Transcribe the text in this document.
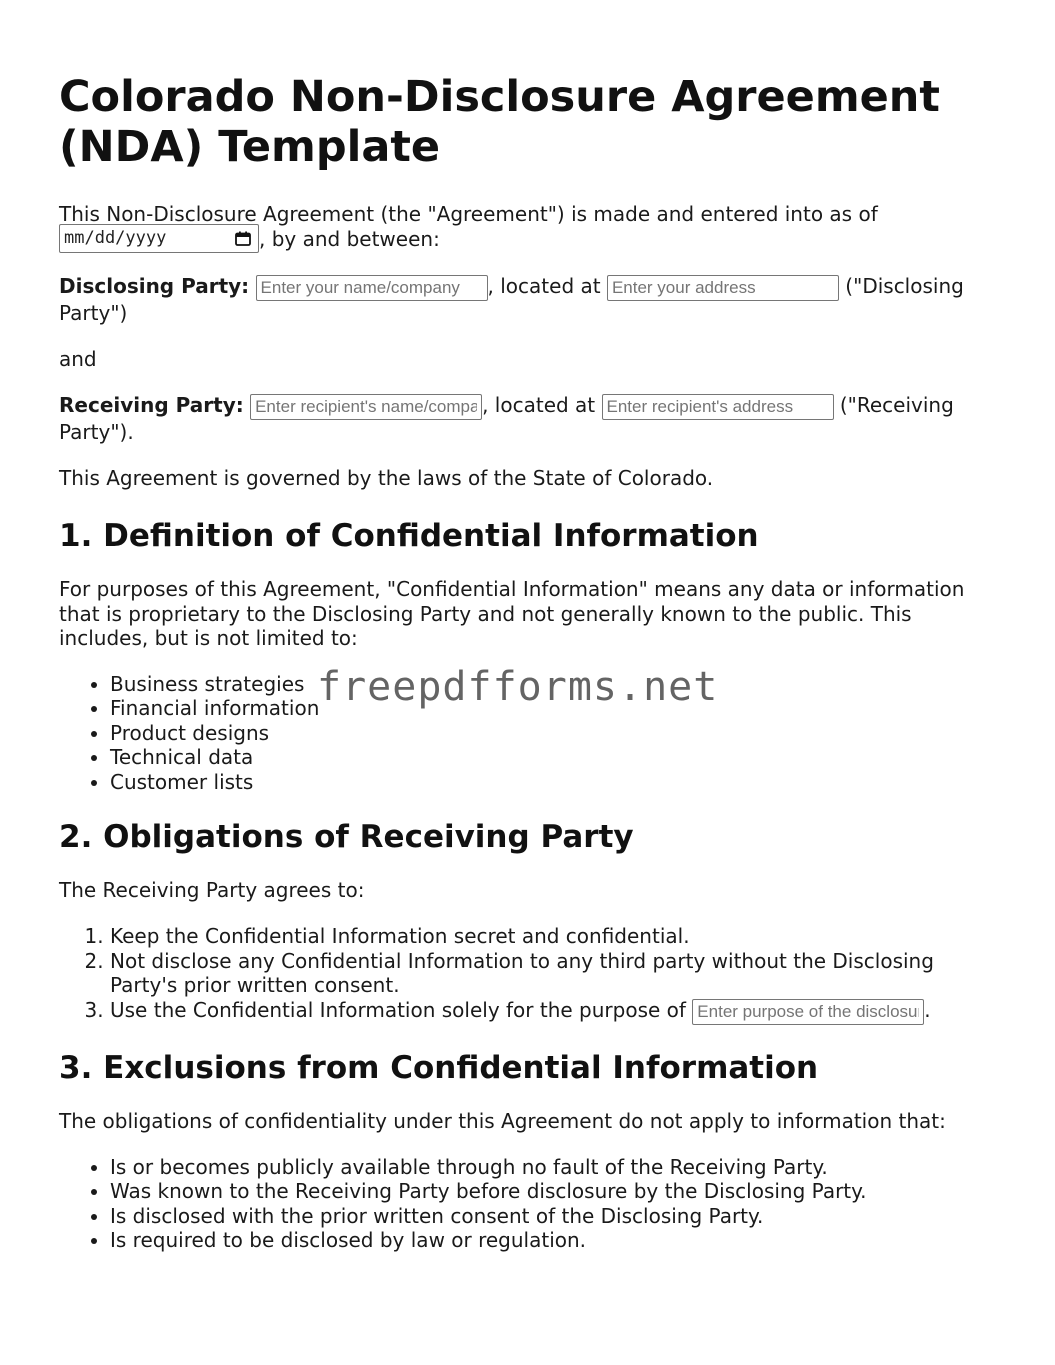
Colorado Non-Disclosure Agreement (NDA) Template

This Non-Disclosure Agreement (the "Agreement") is made and entered into as of
mm/dd/yyyy	, by and between:

Disclosing Party: Enter your name/company	, located at Enter your address	("Disclosing Party")

and

Receiving Party: Enter recipient's name/company	, located at Enter recipient's address	("Receiving Party").

This Agreement is governed by the laws of the State of Colorado.

1. Definition of Confidential Information

For purposes of this Agreement, "Confidential Information" means any data or information that is proprietary to the Disclosing Party and not generally known to the public. This includes, but is not limited to:

• Business strategies
• Financial information
• Product designs
• Technical data
• Customer lists
2. Obligations of Receiving Party

The Receiving Party agrees to:

1. Keep the Confidential Information secret and confidential.
2. Not disclose any Confidential Information to any third party without the Disclosing Party's prior written consent.
3. Use the Confidential Information solely for the purpose of Enter purpose of the disclosure	.
3. Exclusions from Confidential Information

The obligations of confidentiality under this Agreement do not apply to information that:

• Is or becomes publicly available through no fault of the Receiving Party.
• Was known to the Receiving Party before disclosure by the Disclosing Party.
• Is disclosed with the prior written consent of the Disclosing Party.
• Is required to be disclosed by law or regulation.
freepdfforms.net
